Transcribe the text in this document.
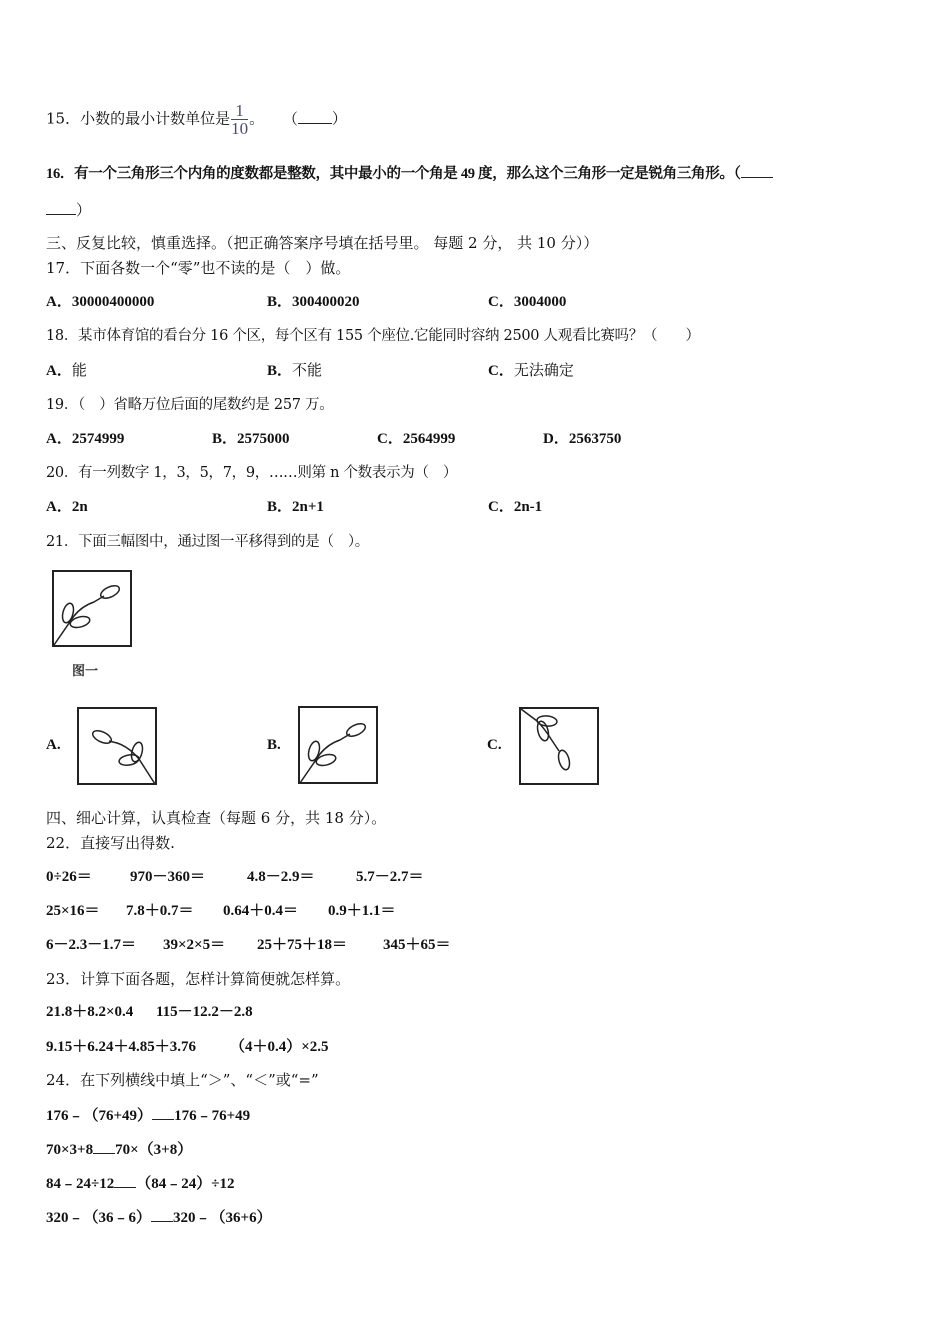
15．小数的最小计数单位是 $\frac{1}{10}$ 。 （ ）
16．有一个三角形三个内角的度数都是整数，其中最小的一个角是 49 度，那么这个三角形一定是锐角三角形。（
）
三、反复比较，慎重选择。（把正确答案序号填在括号里。 每题 2 分， 共 10 分））
17．下面各数一个“零”也不读的是（　）做。
A．30000400000	B．300400020	C．3004000
18．某市体育馆的看台分 16 个区，每个区有 155 个座位.它能同时容纳 2500 人观看比赛吗？（　　）
A．能	B．不能	C．无法确定
19．（　）省略万位后面的尾数约是 257 万。
A．2574999	B．2575000	C．2564999	D．2563750
20．有一列数字 1，3，5，7，9，……则第 n 个数表示为（　）
A．2n	B．2n+1	C．2n-1
21．下面三幅图中，通过图一平移得到的是（　）。
图一
A.	B.	C.
四、细心计算，认真检查（每题 6 分，共 18 分）。
22．直接写出得数.
0÷26＝	970－360＝	4.8－2.9＝	5.7－2.7＝
25×16＝ 7.8＋0.7＝ 0.64＋0.4＝ 0.9＋1.1＝
6－2.3－1.7＝ 39×2×5＝ 25＋75＋18＝ 345＋65＝
23．计算下面各题，怎样计算简便就怎样算。
21.8＋8.2×0.4 115－12.2－2.8
9.15＋6.24＋4.85＋3.76 （4＋0.4）×2.5
24．在下列横线中填上“＞”、“＜”或“=”
176﹣（76+49） 176﹣76+49
70×3+8 70×（3+8）
84﹣24÷12 （84﹣24）÷12
320﹣（36﹣6） 320﹣（36+6）
